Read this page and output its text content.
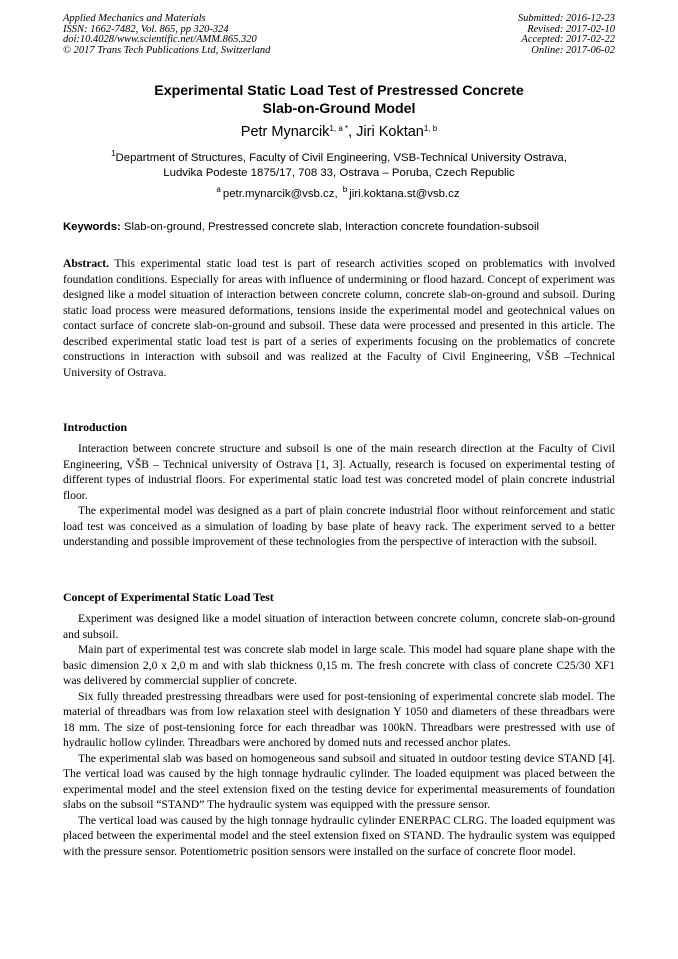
Applied Mechanics and Materials
ISSN: 1662-7482, Vol. 865, pp 320-324
doi:10.4028/www.scientific.net/AMM.865.320
© 2017 Trans Tech Publications Ltd, Switzerland
Submitted: 2016-12-23
Revised: 2017-02-10
Accepted: 2017-02-22
Online: 2017-06-02
Experimental Static Load Test of Prestressed Concrete
Slab-on-Ground Model
Petr Mynarcik$^{1, a *}$, Jiri Koktan$^{1, b}$
$^1$Department of Structures, Faculty of Civil Engineering, VSB-Technical University Ostrava,
Ludvika Podeste 1875/17, 708 33, Ostrava – Poruba, Czech Republic
$^a$ petr.mynarcik@vsb.cz, $^b$ jiri.koktana.st@vsb.cz
Keywords: Slab-on-ground, Prestressed concrete slab, Interaction concrete foundation-subsoil

Abstract. This experimental static load test is part of research activities scoped on problematics with involved foundation conditions. Especially for areas with influence of undermining or flood hazard. Concept of experiment was designed like a model situation of interaction between concrete column, concrete slab-on-ground and subsoil. During static load process were measured deformations, tensions inside the experimental model and geotechnical values on contact surface of concrete slab-on-ground and subsoil. These data were processed and presented in this article. The described experimental static load test is part of a series of experiments focusing on the problematics of concrete constructions in interaction with subsoil and was realized at the Faculty of Civil Engineering, VŠB –Technical University of Ostrava.

Introduction

Interaction between concrete structure and subsoil is one of the main research direction at the Faculty of Civil Engineering, VŠB – Technical university of Ostrava [1, 3]. Actually, research is focused on experimental testing of different types of industrial floors. For experimental static load test was concreted model of plain concrete industrial floor.

The experimental model was designed as a part of plain concrete industrial floor without reinforcement and static load test was conceived as a simulation of loading by base plate of heavy rack. The experiment served to a better understanding and possible improvement of these technologies from the perspective of interaction with the subsoil.

Concept of Experimental Static Load Test

Experiment was designed like a model situation of interaction between concrete column, concrete slab-on-ground and subsoil.

Main part of experimental test was concrete slab model in large scale. This model had square plane shape with the basic dimension 2,0 x 2,0 m and with slab thickness 0,15 m. The fresh concrete with class of concrete C25/30 XF1 was delivered by commercial supplier of concrete.

Six fully threaded prestressing threadbars were used for post-tensioning of experimental concrete slab model. The material of threadbars was from low relaxation steel with designation Y 1050 and diameters of these threadbars were 18 mm. The size of post-tensioning force for each threadbar was 100kN. Threadbars were prestressed with use of hydraulic hollow cylinder. Threadbars were anchored by domed nuts and recessed anchor plates.

The experimental slab was based on homogeneous sand subsoil and situated in outdoor testing device STAND [4]. The vertical load was caused by the high tonnage hydraulic cylinder. The loaded equipment was placed between the experimental model and the steel extension fixed on the testing device for experimental measurements of foundation slabs on the subsoil “STAND” The hydraulic system was equipped with the pressure sensor.

The vertical load was caused by the high tonnage hydraulic cylinder ENERPAC CLRG. The loaded equipment was placed between the experimental model and the steel extension fixed on STAND. The hydraulic system was equipped with the pressure sensor. Potentiometric position sensors were installed on the surface of concrete floor model.
